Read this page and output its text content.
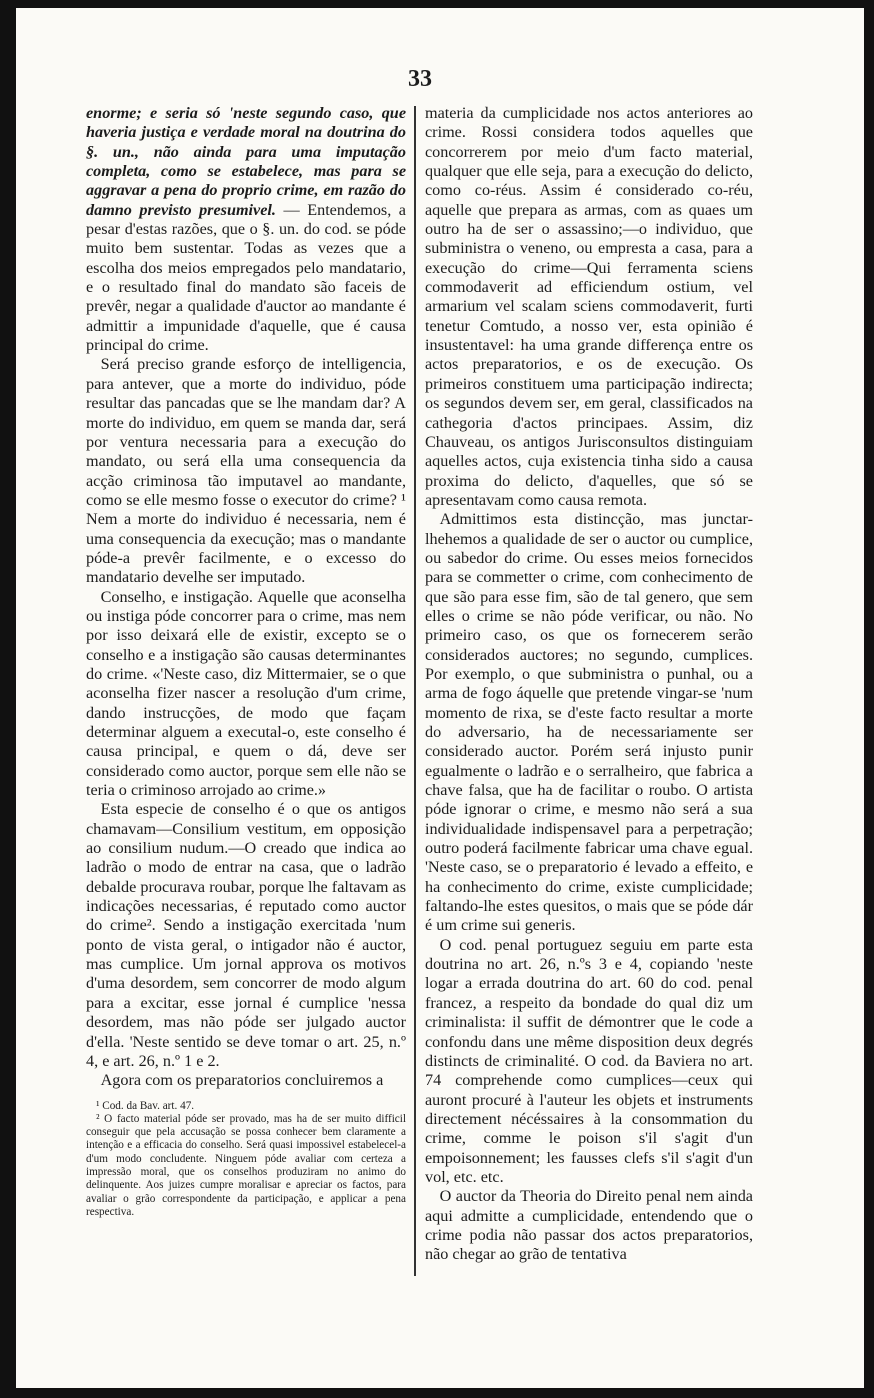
33

enorme; e seria só 'neste segundo caso, que haveria justiça e verdade moral na doutrina do §. un., não ainda para uma imputação completa, como se estabelece, mas para se aggravar a pena do proprio crime, em razão do damno previsto presumivel. — Entendemos, a pesar d'estas razões, que o §. un. do cod. se póde muito bem sustentar. Todas as vezes que a escolha dos meios empregados pelo mandatario, e o resultado final do mandato são faceis de prevêr, negar a qualidade d'auctor ao mandante é admittir a impunidade d'aquelle, que é causa principal do crime.

Será preciso grande esforço de intelligencia, para antever, que a morte do individuo, póde resultar das pancadas que se lhe mandam dar? A morte do individuo, em quem se manda dar, será por ventura necessaria para a execução do mandato, ou será ella uma consequencia da acção criminosa tão imputavel ao mandante, como se elle mesmo fosse o executor do crime? ¹ Nem a morte do individuo é necessaria, nem é uma consequencia da execução; mas o mandante póde-a prevêr facilmente, e o excesso do mandatario develhe ser imputado.

Conselho, e instigação. Aquelle que aconselha ou instiga póde concorrer para o crime, mas nem por isso deixará elle de existir, excepto se o conselho e a instigação são causas determinantes do crime. «'Neste caso, diz Mittermaier, se o que aconselha fizer nascer a resolução d'um crime, dando instrucções, de modo que façam determinar alguem a executal-o, este conselho é causa principal, e quem o dá, deve ser considerado como auctor, porque sem elle não se teria o criminoso arrojado ao crime.»

Esta especie de conselho é o que os antigos chamavam—Consilium vestitum, em opposição ao consilium nudum.—O creado que indica ao ladrão o modo de entrar na casa, que o ladrão debalde procurava roubar, porque lhe faltavam as indicações necessarias, é reputado como auctor do crime². Sendo a instigação exercitada 'num ponto de vista geral, o intigador não é auctor, mas cumplice. Um jornal approva os motivos d'uma desordem, sem concorrer de modo algum para a excitar, esse jornal é cumplice 'nessa desordem, mas não póde ser julgado auctor d'ella. 'Neste sentido se deve tomar o art. 25, n.º 4, e art. 26, n.º 1 e 2.

Agora com os preparatorios concluiremos a

¹ Cod. da Bav. art. 47.

² O facto material póde ser provado, mas ha de ser muito difficil conseguir que pela accusação se possa conhecer bem claramente a intenção e a efficacia do conselho. Será quasi impossivel estabelecel-a d'um modo concludente. Ninguem póde avaliar com certeza a impressão moral, que os conselhos produziram no animo do delinquente. Aos juizes cumpre moralisar e apreciar os factos, para avaliar o grão correspondente da participação, e applicar a pena respectiva.

materia da cumplicidade nos actos anteriores ao crime. Rossi considera todos aquelles que concorrerem por meio d'um facto material, qualquer que elle seja, para a execução do delicto, como co-réus. Assim é considerado co-réu, aquelle que prepara as armas, com as quaes um outro ha de ser o assassino;—o individuo, que subministra o veneno, ou empresta a casa, para a execução do crime—Qui ferramenta sciens commodaverit ad efficiendum ostium, vel armarium vel scalam sciens commodaverit, furti tenetur Comtudo, a nosso ver, esta opinião é insustentavel: ha uma grande differença entre os actos preparatorios, e os de execução. Os primeiros constituem uma participação indirecta; os segundos devem ser, em geral, classificados na cathegoria d'actos principaes. Assim, diz Chauveau, os antigos Jurisconsultos distinguiam aquelles actos, cuja existencia tinha sido a causa proxima do delicto, d'aquelles, que só se apresentavam como causa remota.

Admittimos esta distincção, mas junctar-lhehemos a qualidade de ser o auctor ou cumplice, ou sabedor do crime. Ou esses meios fornecidos para se commetter o crime, com conhecimento de que são para esse fim, são de tal genero, que sem elles o crime se não póde verificar, ou não. No primeiro caso, os que os fornecerem serão considerados auctores; no segundo, cumplices. Por exemplo, o que subministra o punhal, ou a arma de fogo áquelle que pretende vingar-se 'num momento de rixa, se d'este facto resultar a morte do adversario, ha de necessariamente ser considerado auctor. Porém será injusto punir egualmente o ladrão e o serralheiro, que fabrica a chave falsa, que ha de facilitar o roubo. O artista póde ignorar o crime, e mesmo não será a sua individualidade indispensavel para a perpetração; outro poderá facilmente fabricar uma chave egual. 'Neste caso, se o preparatorio é levado a effeito, e ha conhecimento do crime, existe cumplicidade; faltando-lhe estes quesitos, o mais que se póde dár é um crime sui generis.

O cod. penal portuguez seguiu em parte esta doutrina no art. 26, n.ºs 3 e 4, copiando 'neste logar a errada doutrina do art. 60 do cod. penal francez, a respeito da bondade do qual diz um criminalista: il suffit de démontrer que le code a confondu dans une même disposition deux degrés distincts de criminalité. O cod. da Baviera no art. 74 comprehende como cumplices—ceux qui auront procuré à l'auteur les objets et instruments directement nécéssaires à la consommation du crime, comme le poison s'il s'agit d'un empoisonnement; les fausses clefs s'il s'agit d'un vol, etc. etc.

O auctor da Theoria do Direito penal nem ainda aqui admitte a cumplicidade, entendendo que o crime podia não passar dos actos preparatorios, não chegar ao grão de tentativa
